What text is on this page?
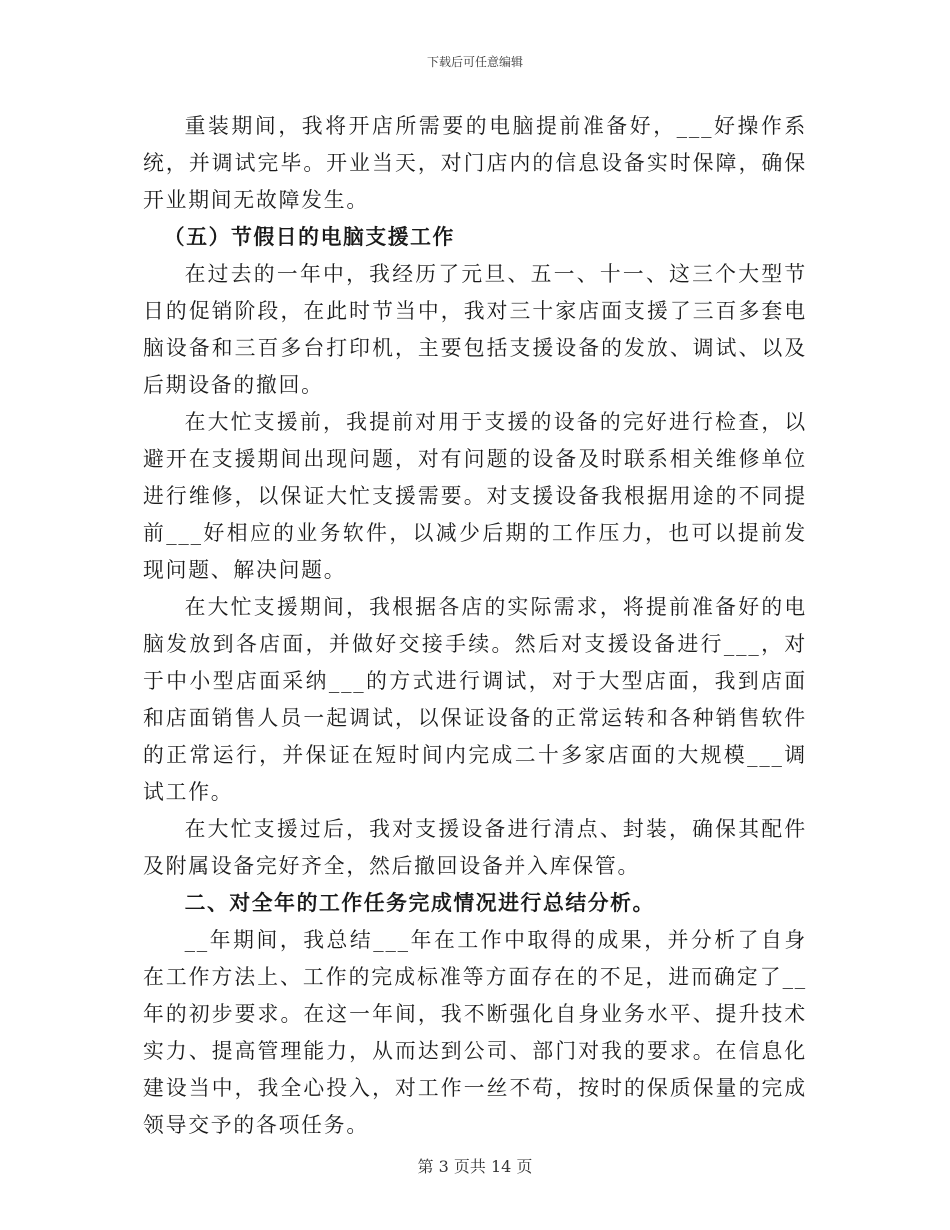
下载后可任意编辑

重装期间，我将开店所需要的电脑提前准备好，___好操作系统，并调试完毕。开业当天，对门店内的信息设备实时保障，确保开业期间无故障发生。

（五）节假日的电脑支援工作

在过去的一年中，我经历了元旦、五一、十一、这三个大型节日的促销阶段，在此时节当中，我对三十家店面支援了三百多套电脑设备和三百多台打印机，主要包括支援设备的发放、调试、以及后期设备的撤回。

在大忙支援前，我提前对用于支援的设备的完好进行检查，以避开在支援期间出现问题，对有问题的设备及时联系相关维修单位进行维修，以保证大忙支援需要。对支援设备我根据用途的不同提前___好相应的业务软件，以减少后期的工作压力，也可以提前发现问题、解决问题。

在大忙支援期间，我根据各店的实际需求，将提前准备好的电脑发放到各店面，并做好交接手续。然后对支援设备进行___，对于中小型店面采纳___的方式进行调试，对于大型店面，我到店面和店面销售人员一起调试，以保证设备的正常运转和各种销售软件的正常运行，并保证在短时间内完成二十多家店面的大规模___调试工作。

在大忙支援过后，我对支援设备进行清点、封装，确保其配件及附属设备完好齐全，然后撤回设备并入库保管。

二、对全年的工作任务完成情况进行总结分析。

__年期间，我总结___年在工作中取得的成果，并分析了自身在工作方法上、工作的完成标准等方面存在的不足，进而确定了__年的初步要求。在这一年间，我不断强化自身业务水平、提升技术实力、提高管理能力，从而达到公司、部门对我的要求。在信息化建设当中，我全心投入，对工作一丝不苟，按时的保质保量的完成领导交予的各项任务。

第 3 页共 14 页
